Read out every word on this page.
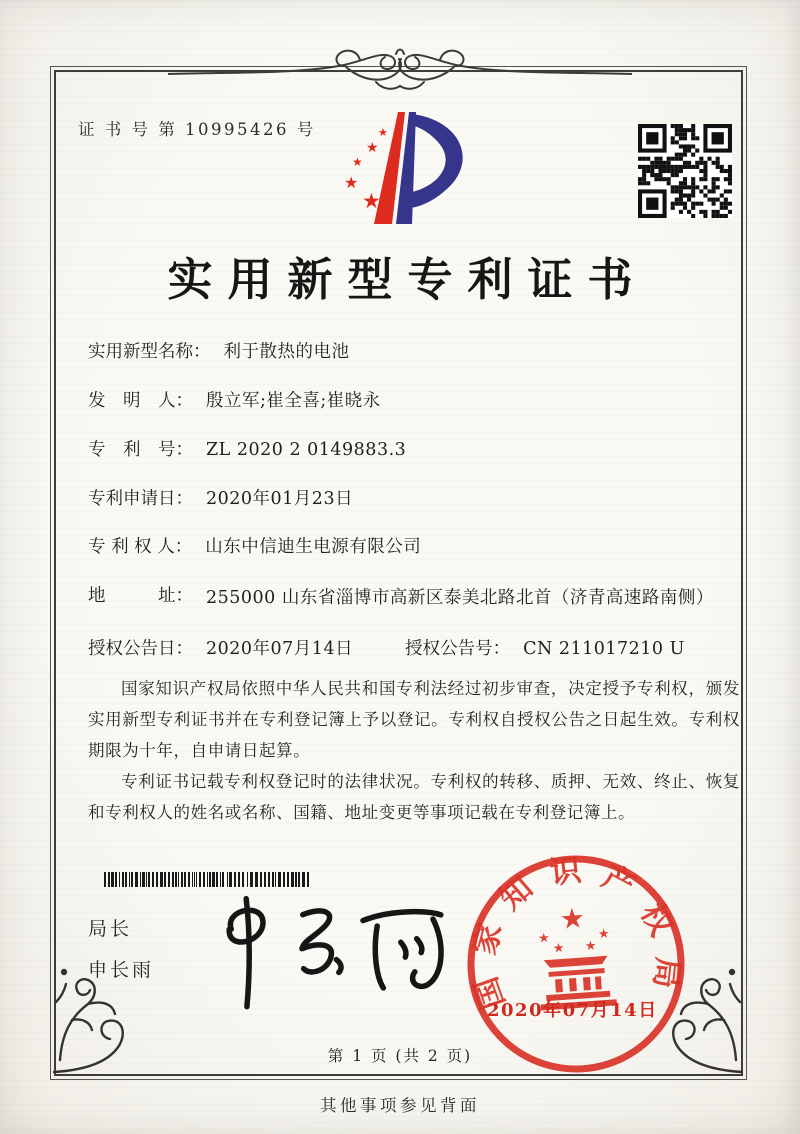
证 书 号 第 10995426 号	★
★
★
★
★
实用新型专利证书
实用新型名称： 利于散热的电池
发　明　人： 殷立军;崔全喜;崔晓永
专　利　号： ZL 2020 2 0149883.3
专利申请日： 2020年01月23日
专 利 权 人： 山东中信迪生电源有限公司
地　　　址： 255000 山东省淄博市高新区泰美北路北首（济青高速路南侧）
授权公告日： 2020年07月14日	授权公告号： CN 211017210 U

国家知识产权局依照中华人民共和国专利法经过初步审查，决定授予专利权，颁发实用新型专利证书并在专利登记簿上予以登记。专利权自授权公告之日起生效。专利权期限为十年，自申请日起算。

专利证书记载专利权登记时的法律状况。专利权的转移、质押、无效、终止、恢复和专利权人的姓名或名称、国籍、地址变更等事项记载在专利登记簿上。

局长
申长雨
国家知识产权局
★
★
★ ★
★
2020年07月14日
第 1 页 (共 2 页)
其他事项参见背面
